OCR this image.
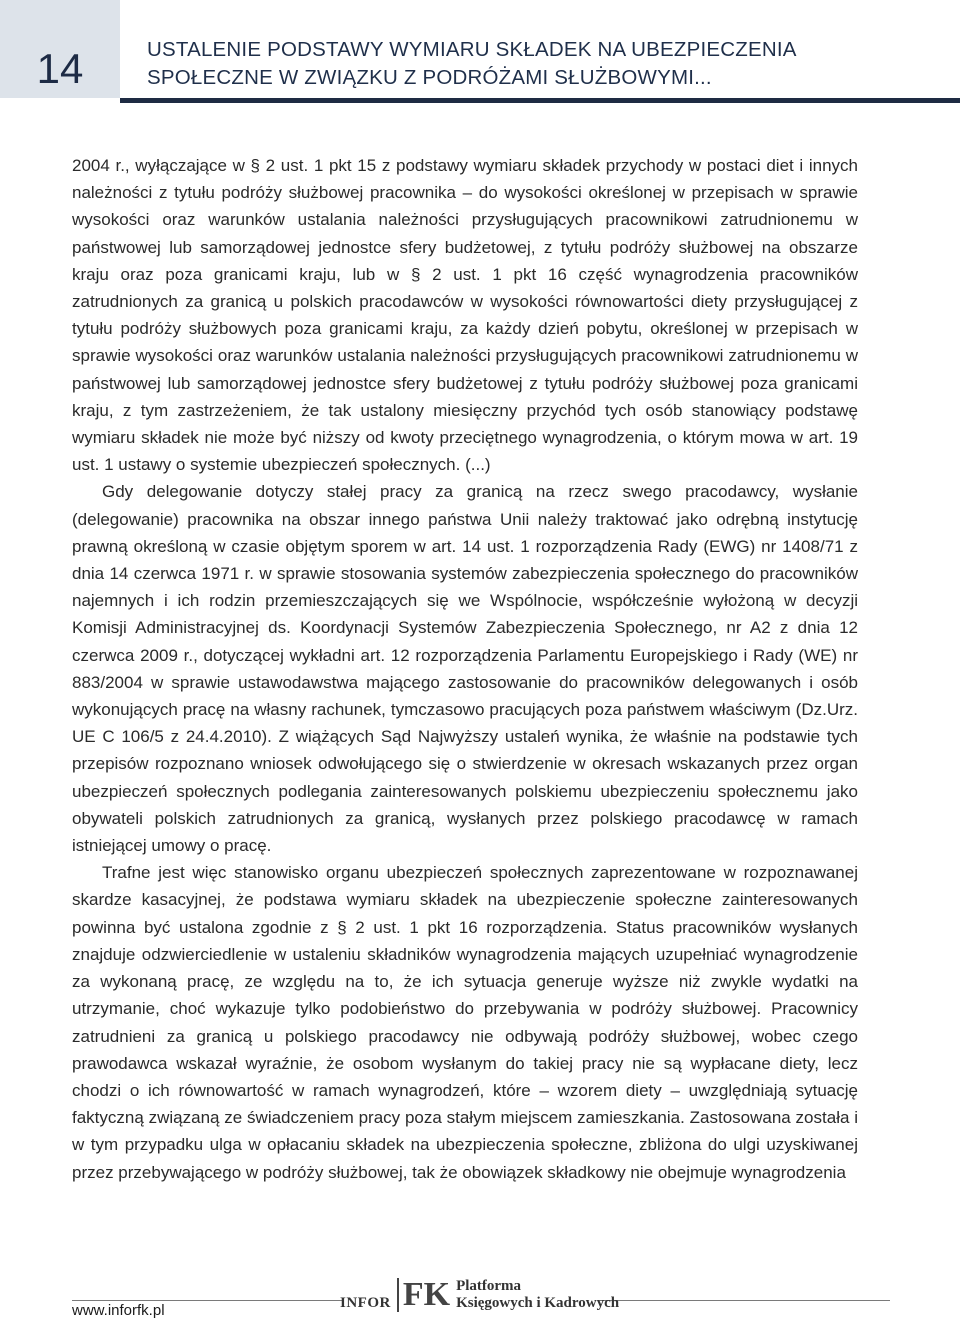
14	USTALENIE PODSTAWY WYMIARU SKŁADEK NA UBEZPIECZENIA
SPOŁECZNE W ZWIĄZKU Z PODRÓŻAMI SŁUŻBOWYMI...

2004 r., wyłączające w § 2 ust. 1 pkt 15 z podstawy wymiaru składek przychody w postaci diet i innych należności z tytułu podróży służbowej pracownika – do wysokości określonej w przepisach w sprawie wysokości oraz warunków ustalania należności przysługujących pracownikowi zatrudnionemu w państwowej lub samorządowej jednostce sfery budżetowej, z tytułu podróży służbowej na obszarze kraju oraz poza granicami kraju, lub w § 2 ust. 1 pkt 16 część wynagrodzenia pracowników zatrudnionych za granicą u polskich pracodawców w wysokości równowartości diety przysługującej z tytułu podróży służbowych poza granicami kraju, za każdy dzień pobytu, określonej w przepisach w sprawie wysokości oraz warunków ustalania należności przysługujących pracownikowi zatrudnionemu w państwowej lub samorządowej jednostce sfery budżetowej z tytułu podróży służbowej poza granicami kraju, z tym zastrzeżeniem, że tak ustalony miesięczny przychód tych osób stanowiący podstawę wymiaru składek nie może być niższy od kwoty przeciętnego wynagrodzenia, o którym mowa w art. 19 ust. 1 ustawy o systemie ubezpieczeń społecznych. (...)

Gdy delegowanie dotyczy stałej pracy za granicą na rzecz swego pracodawcy, wysłanie (delegowanie) pracownika na obszar innego państwa Unii należy traktować jako odrębną instytucję prawną określoną w czasie objętym sporem w art. 14 ust. 1 rozporządzenia Rady (EWG) nr 1408/71 z dnia 14 czerwca 1971 r. w sprawie stosowania systemów zabezpieczenia społecznego do pracowników najemnych i ich rodzin przemieszczających się we Wspólnocie, współcześnie wyłożoną w decyzji Komisji Administracyjnej ds. Koordynacji Systemów Zabezpieczenia Społecznego, nr A2 z dnia 12 czerwca 2009 r., dotyczącej wykładni art. 12 rozporządzenia Parlamentu Europejskiego i Rady (WE) nr 883/2004 w sprawie ustawodawstwa mającego zastosowanie do pracowników delegowanych i osób wykonujących pracę na własny rachunek, tymczasowo pracujących poza państwem właściwym (Dz.Urz. UE C 106/5 z 24.4.2010). Z wiążących Sąd Najwyższy ustaleń wynika, że właśnie na podstawie tych przepisów rozpoznano wniosek odwołującego się o stwierdzenie w okresach wskazanych przez organ ubezpieczeń społecznych podlegania zainteresowanych polskiemu ubezpieczeniu społecznemu jako obywateli polskich zatrudnionych za granicą, wysłanych przez polskiego pracodawcę w ramach istniejącej umowy o pracę.

Trafne jest więc stanowisko organu ubezpieczeń społecznych zaprezentowane w rozpoznawanej skardze kasacyjnej, że podstawa wymiaru składek na ubezpieczenie społeczne zainteresowanych powinna być ustalona zgodnie z § 2 ust. 1 pkt 16 rozporządzenia. Status pracowników wysłanych znajduje odzwierciedlenie w ustaleniu składników wynagrodzenia mających uzupełniać wynagrodzenie za wykonaną pracę, ze względu na to, że ich sytuacja generuje wyższe niż zwykle wydatki na utrzymanie, choć wykazuje tylko podobieństwo do przebywania w podróży służbowej. Pracownicy zatrudnieni za granicą u polskiego pracodawcy nie odbywają podróży służbowej, wobec czego prawodawca wskazał wyraźnie, że osobom wysłanym do takiej pracy nie są wypłacane diety, lecz chodzi o ich równowartość w ramach wynagrodzeń, które – wzorem diety – uwzględniają sytuację faktyczną związaną ze świadczeniem pracy poza stałym miejscem zamieszkania. Zastosowana została i w tym przypadku ulga w opłacaniu składek na ubezpieczenia społeczne, zbliżona do ulgi uzyskiwanej przez przebywającego w podróży służbowej, tak że obowiązek składkowy nie obejmuje wynagrodzenia

www.inforfk.pl	INFOR FK Platforma
Księgowych i Kadrowych
